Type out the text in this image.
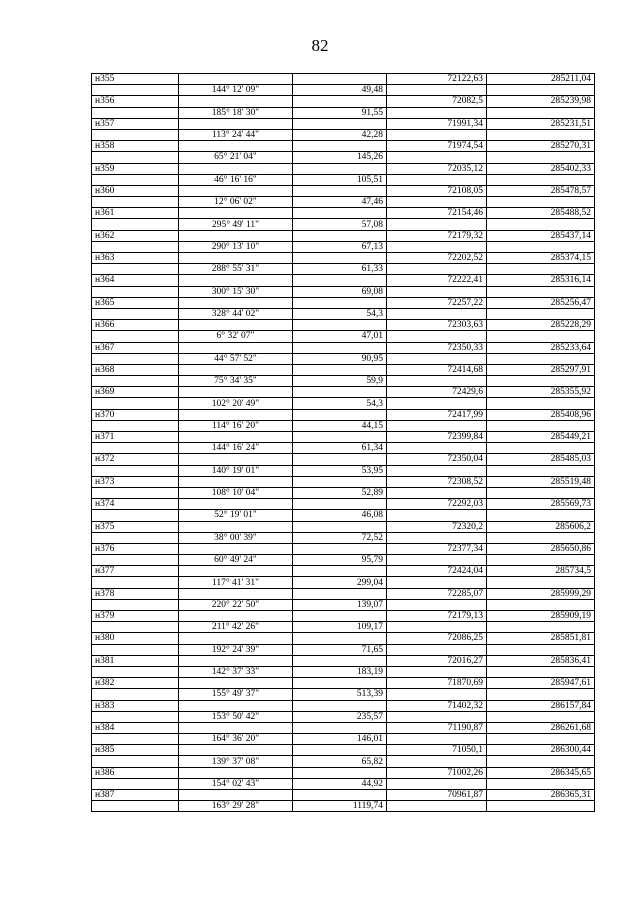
82
н355			72122,63	285211,04
	144° 12' 09"	49,48		
н356			72082,5	285239,98
	185° 18' 30"	91,55		
н357			71991,34	285231,51
	113° 24' 44"	42,28		
н358			71974,54	285270,31
	65° 21' 04"	145,26		
н359			72035,12	285402,33
	46° 16' 16"	105,51		
н360			72108,05	285478,57
	12° 06' 02"	47,46		
н361			72154,46	285488,52
	295° 49' 11"	57,08		
н362			72179,32	285437,14
	290° 13' 10"	67,13		
н363			72202,52	285374,15
	288° 55' 31"	61,33		
н364			72222,41	285316,14
	300° 15' 30"	69,08		
н365			72257,22	285256,47
	328° 44' 02"	54,3		
н366			72303,63	285228,29
	6° 32' 07"	47,01		
н367			72350,33	285233,64
	44° 57' 52"	90,95		
н368			72414,68	285297,91
	75° 34' 35"	59,9		
н369			72429,6	285355,92
	102° 20' 49"	54,3		
н370			72417,99	285408,96
	114° 16' 20"	44,15		
н371			72399,84	285449,21
	144° 16' 24"	61,34		
н372			72350,04	285485,03
	140° 19' 01"	53,95		
н373			72308,52	285519,48
	108° 10' 04"	52,89		
н374			72292,03	285569,73
	52° 19' 01"	46,08		
н375			72320,2	285606,2
	38° 00' 39"	72,52		
н376			72377,34	285650,86
	60° 49' 24"	95,79		
н377			72424,04	285734,5
	117° 41' 31"	299,04		
н378			72285,07	285999,29
	220° 22' 50"	139,07		
н379			72179,13	285909,19
	211° 42' 26"	109,17		
н380			72086,25	285851,81
	192° 24' 39"	71,65		
н381			72016,27	285836,41
	142° 37' 33"	183,19		
н382			71870,69	285947,61
	155° 49' 37"	513,39		
н383			71402,32	286157,84
	153° 50' 42"	235,57		
н384			71190,87	286261,68
	164° 36' 20"	146,01		
н385			71050,1	286300,44
	139° 37' 08"	65,82		
н386			71002,26	286345,65
	154° 02' 43"	44,92		
н387			70961,87	286365,31
	163° 29' 28"	1119,74		
